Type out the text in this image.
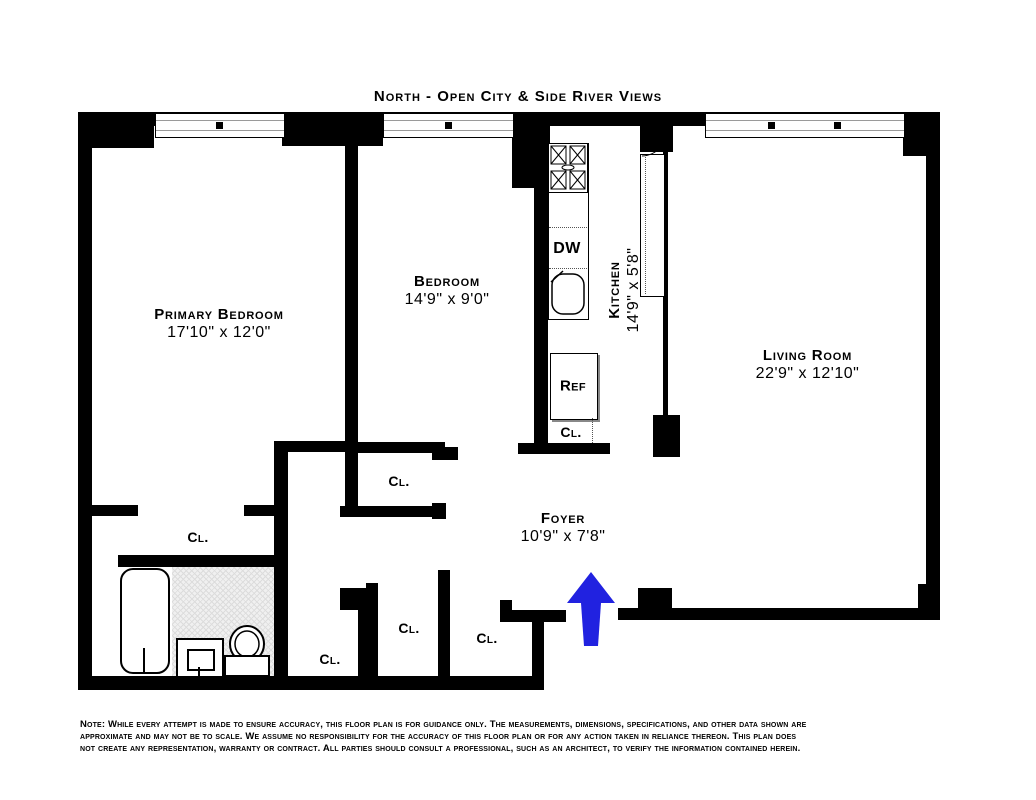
North - Open City & Side River Views
Primary Bedroom
17'10" x 12'0"
Bedroom
14'9" x 9'0"	Kitchen 14'9" x 5'8"
Living Room
22'9" x 12'10"
Foyer
10'9" x 7'8"
Cl.
Cl.
Cl.
Cl.
Cl.
Cl.
DW
Ref
Note: While every attempt is made to ensure accuracy, this floor plan is for guidance only. The measurements, dimensions, specifications, and other data shown are
approximate and may not be to scale. We assume no responsibility for the accuracy of this floor plan or for any action taken in reliance thereon. This plan does
not create any representation, warranty or contract. All parties should consult a professional, such as an architect, to verify the information contained herein.
